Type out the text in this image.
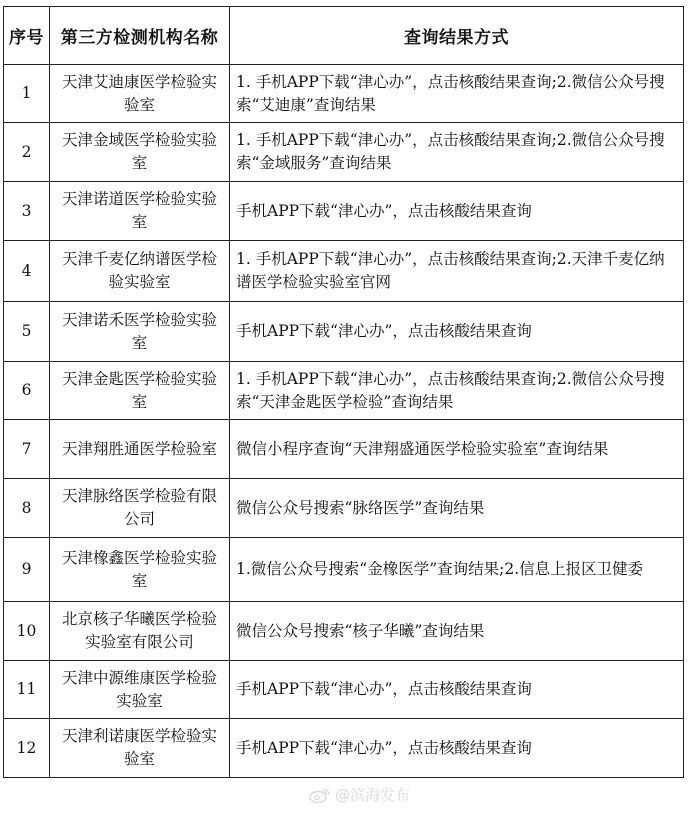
序号	第三方检测机构名称	查询结果方式
1	天津艾迪康医学检验实验室	1. 手机APP下载“津心办”，点击核酸结果查询;2.微信公众号搜索“艾迪康”查询结果
2	天津金域医学检验实验室	1. 手机APP下载“津心办”，点击核酸结果查询;2.微信公众号搜索“金域服务”查询结果
3	天津诺道医学检验实验室	手机APP下载“津心办”，点击核酸结果查询
4	天津千麦亿纳谱医学检验实验室	1. 手机APP下载“津心办”，点击核酸结果查询;2.天津千麦亿纳谱医学检验实验室官网
5	天津诺禾医学检验实验室	手机APP下载“津心办”，点击核酸结果查询
6	天津金匙医学检验实验室	1. 手机APP下载“津心办”，点击核酸结果查询;2.微信公众号搜索“天津金匙医学检验”查询结果
7	天津翔胜通医学检验室	微信小程序查询“天津翔盛通医学检验实验室”查询结果
8	天津脉络医学检验有限公司	微信公众号搜索“脉络医学”查询结果
9	天津橡鑫医学检验实验室	1.微信公众号搜索“金橡医学”查询结果;2.信息上报区卫健委
10	北京核子华曦医学检验实验室有限公司	微信公众号搜索“核子华曦”查询结果
11	天津中源维康医学检验实验室	手机APP下载“津心办”，点击核酸结果查询
12	天津利诺康医学检验实验室	手机APP下载“津心办”，点击核酸结果查询
@滨海发布
